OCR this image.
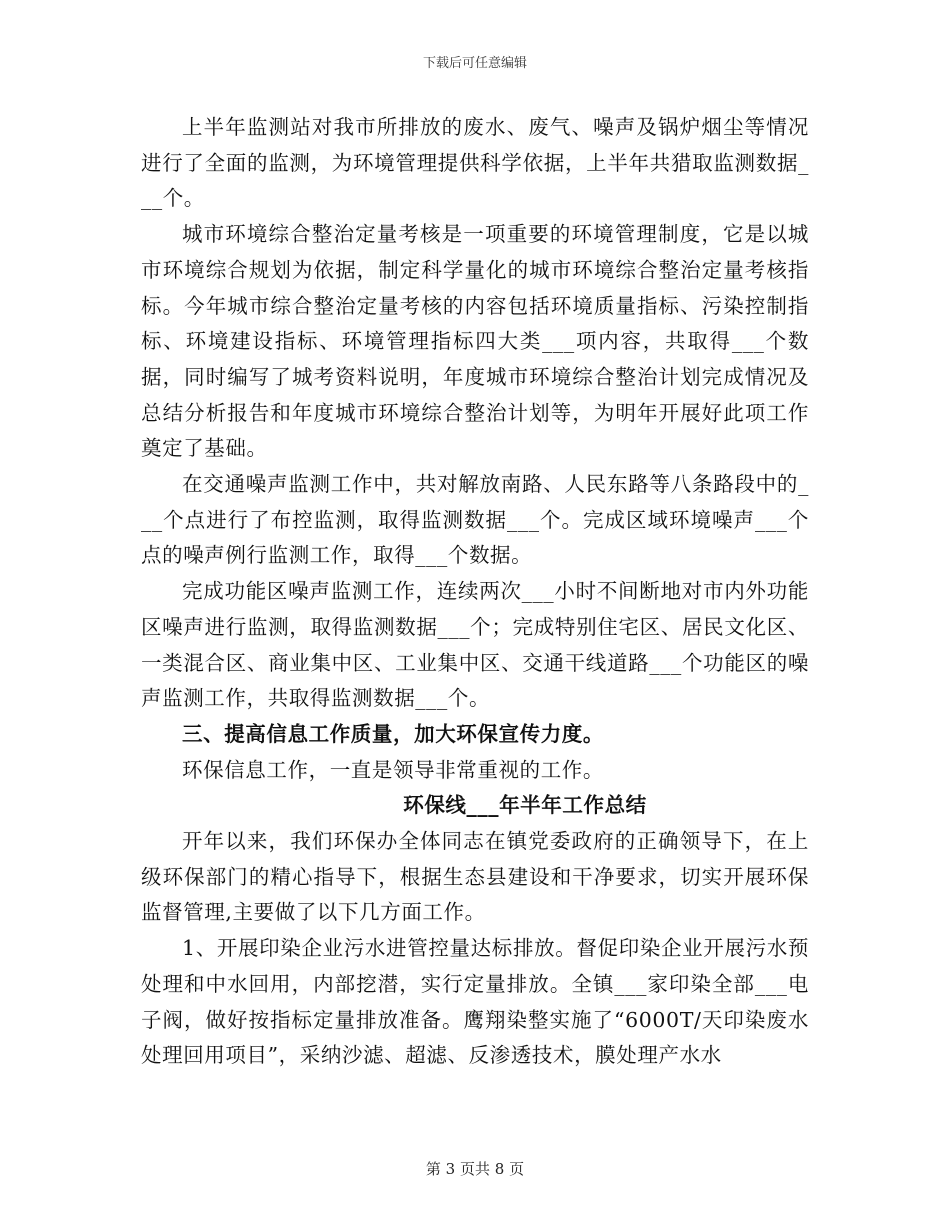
下载后可任意编辑

上半年监测站对我市所排放的废水、废气、噪声及锅炉烟尘等情况进行了全面的监测，为环境管理提供科学依据，上半年共猎取监测数据___个。

城市环境综合整治定量考核是一项重要的环境管理制度，它是以城市环境综合规划为依据，制定科学量化的城市环境综合整治定量考核指标。今年城市综合整治定量考核的内容包括环境质量指标、污染控制指标、环境建设指标、环境管理指标四大类___项内容，共取得___个数据，同时编写了城考资料说明，年度城市环境综合整治计划完成情况及总结分析报告和年度城市环境综合整治计划等，为明年开展好此项工作奠定了基础。

在交通噪声监测工作中，共对解放南路、人民东路等八条路段中的___个点进行了布控监测，取得监测数据___个。完成区域环境噪声___个点的噪声例行监测工作，取得___个数据。

完成功能区噪声监测工作，连续两次___小时不间断地对市内外功能区噪声进行监测，取得监测数据___个；完成特别住宅区、居民文化区、一类混合区、商业集中区、工业集中区、交通干线道路___个功能区的噪声监测工作，共取得监测数据___个。

三、提高信息工作质量，加大环保宣传力度。

环保信息工作，一直是领导非常重视的工作。

环保线___年半年工作总结

开年以来，我们环保办全体同志在镇党委政府的正确领导下，在上级环保部门的精心指导下，根据生态县建设和干净要求，切实开展环保监督管理,主要做了以下几方面工作。

1、开展印染企业污水进管控量达标排放。督促印染企业开展污水预处理和中水回用，内部挖潜，实行定量排放。全镇___家印染全部___电子阀，做好按指标定量排放准备。鹰翔染整实施了“6000T/天印染废水处理回用项目”，采纳沙滤、超滤、反渗透技术，膜处理产水水

第 3 页共 8 页
